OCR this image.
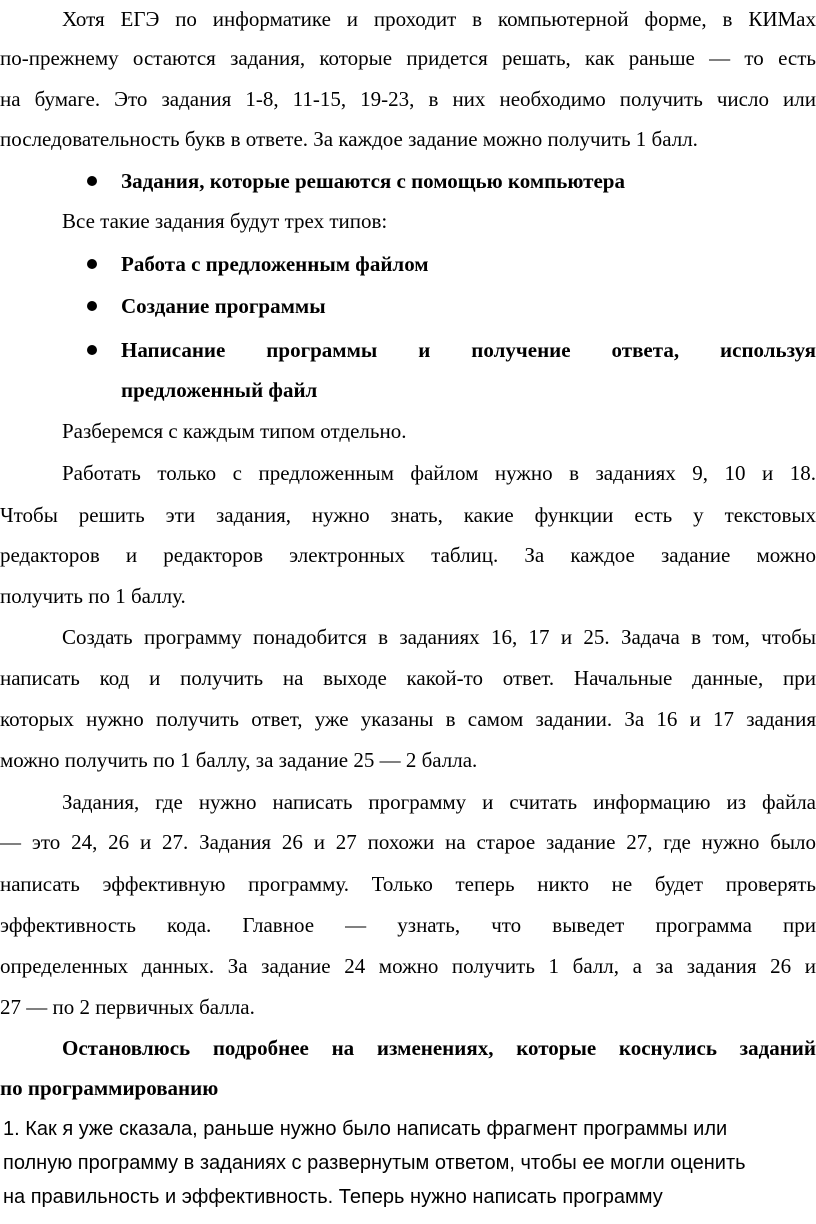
Хотя ЕГЭ по информатике и проходит в компьютерной форме, в КИМах
по-прежнему остаются задания, которые придется решать, как раньше — то есть
на бумаге. Это задания 1-8, 11-15, 19-23, в них необходимо получить число или
последовательность букв в ответе. За каждое задание можно получить 1 балл.
Задания, которые решаются с помощью компьютера
Все такие задания будут трех типов:
Работа с предложенным файлом
Создание программы
Написание программы и получение ответа, используя
предложенный файл
Разберемся с каждым типом отдельно.
Работать только с предложенным файлом нужно в заданиях 9, 10 и 18.
Чтобы решить эти задания, нужно знать, какие функции есть у текстовых
редакторов и редакторов электронных таблиц. За каждое задание можно
получить по 1 баллу.
Создать программу понадобится в заданиях 16, 17 и 25. Задача в том, чтобы
написать код и получить на выходе какой-то ответ. Начальные данные, при
которых нужно получить ответ, уже указаны в самом задании. За 16 и 17 задания
можно получить по 1 баллу, за задание 25 — 2 балла.
Задания, где нужно написать программу и считать информацию из файла
— это 24, 26 и 27. Задания 26 и 27 похожи на старое задание 27, где нужно было
написать эффективную программу. Только теперь никто не будет проверять
эффективность кода. Главное — узнать, что выведет программа при
определенных данных. За задание 24 можно получить 1 балл, а за задания 26 и
27 — по 2 первичных балла.
Остановлюсь подробнее на изменениях, которые коснулись заданий
по программированию
1. Как я уже сказала, раньше нужно было написать фрагмент программы или
полную программу в заданиях с развернутым ответом, чтобы ее могли оценить
на правильность и эффективность. Теперь нужно написать программу
